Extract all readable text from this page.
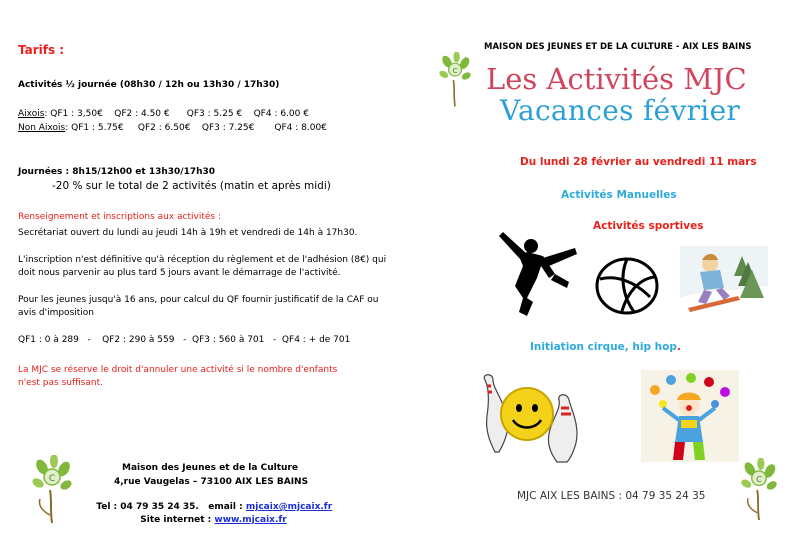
Tarifs :
Activités ½ journée (08h30 / 12h ou 13h30 / 17h30)
Aixois: QF1 : 3,50€    QF2 : 4.50 €      QF3 : 5.25 €    QF4 : 6.00 €
Non Aixois: QF1 : 5.75€     QF2 : 6.50€    QF3 : 7.25€       QF4 : 8.00€
Journées : 8h15/12h00 et 13h30/17h30
-20 % sur le total de 2 activités (matin et après midi)
Renseignement et inscriptions aux activités :
Secrétariat ouvert du lundi au jeudi 14h à 19h et vendredi de 14h à 17h30.
L'inscription n'est définitive qu'à réception du règlement et de l'adhésion (8€) qui
doit nous parvenir au plus tard 5 jours avant le démarrage de l'activité.
Pour les jeunes jusqu'à 16 ans, pour calcul du QF fournir justificatif de la CAF ou
avis d'imposition
QF1 : 0 à 289   -    QF2 : 290 à 559   -  QF3 : 560 à 701   -  QF4 : + de 701
La MJC se réserve le droit d'annuler une activité si le nombre d'enfants
n'est pas suffisant.
C
Maison des Jeunes et de la Culture
4,rue Vaugelas – 73100 AIX LES BAINS

Tel : 04 79 35 24 35.   email : mjcaix@mjcaix.fr

Site internet : www.mjcaix.fr

MAISON DES JEUNES ET DE LA CULTURE - AIX LES BAINS
C Les Activités MJC
Vacances février
Du lundi 28 février au vendredi 11 mars
Activités Manuelles
Activités sportives
Initiation cirque, hip hop.
C
MJC AIX LES BAINS : 04 79 35 24 35
